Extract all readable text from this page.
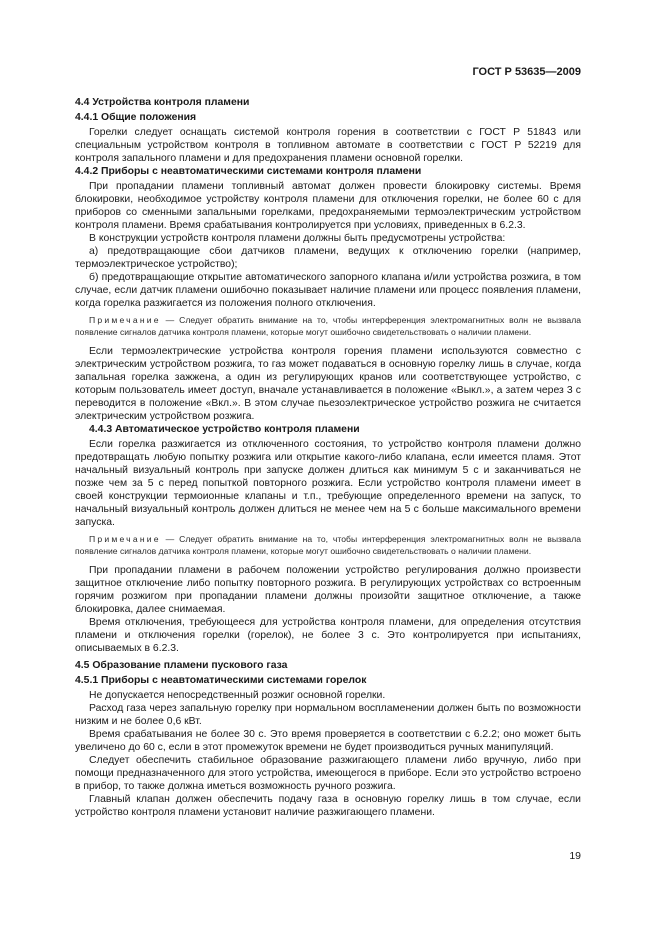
ГОСТ Р 53635—2009
4.4 Устройства контроля пламени
4.4.1 Общие положения

Горелки следует оснащать системой контроля горения в соответствии с ГОСТ Р 51843 или специальным устройством контроля в топливном автомате в соответствии с ГОСТ Р 52219 для контроля запального пламени и для предохранения пламени основной горелки.

4.4.2 Приборы с неавтоматическими системами контроля пламени

При пропадании пламени топливный автомат должен провести блокировку системы. Время блокировки, необходимое устройству контроля пламени для отключения горелки, не более 60 с для приборов со сменными запальными горелками, предохраняемыми термоэлектрическим устройством контроля пламени. Время срабатывания контролируется при условиях, приведенных в 6.2.3.

В конструкции устройств контроля пламени должны быть предусмотрены устройства:

а) предотвращающие сбои датчиков пламени, ведущих к отключению горелки (например, термоэлектрическое устройство);

б) предотвращающие открытие автоматического запорного клапана и/или устройства розжига, в том случае, если датчик пламени ошибочно показывает наличие пламени или процесс появления пламени, когда горелка разжигается из положения полного отключения.

Примечание — Следует обратить внимание на то, чтобы интерференция электромагнитных волн не вызвала появление сигналов датчика контроля пламени, которые могут ошибочно свидетельствовать о наличии пламени.

Если термоэлектрические устройства контроля горения пламени используются совместно с электрическим устройством розжига, то газ может подаваться в основную горелку лишь в случае, когда запальная горелка зажжена, а один из регулирующих кранов или соответствующее устройство, с которым пользователь имеет доступ, вначале устанавливается в положение «Выкл.», а затем через 3 с переводится в положение «Вкл.». В этом случае пьезоэлектрическое устройство розжига не считается электрическим устройством розжига.

4.4.3 Автоматическое устройство контроля пламени

Если горелка разжигается из отключенного состояния, то устройство контроля пламени должно предотвращать любую попытку розжига или открытие какого-либо клапана, если имеется пламя. Этот начальный визуальный контроль при запуске должен длиться как минимум 5 с и заканчиваться не позже чем за 5 с перед попыткой повторного розжига. Если устройство контроля пламени имеет в своей конструкции термоионные клапаны и т.п., требующие определенного времени на запуск, то начальный визуальный контроль должен длиться не менее чем на 5 с больше максимального времени запуска.

Примечание — Следует обратить внимание на то, чтобы интерференция электромагнитных волн не вызвала появление сигналов датчика контроля пламени, которые могут ошибочно свидетельствовать о наличии пламени.

При пропадании пламени в рабочем положении устройство регулирования должно произвести защитное отключение либо попытку повторного розжига. В регулирующих устройствах со встроенным горячим розжигом при пропадании пламени должны произойти защитное отключение, а также блокировка, далее снимаемая.

Время отключения, требующееся для устройства контроля пламени, для определения отсутствия пламени и отключения горелки (горелок), не более 3 с. Это контролируется при испытаниях, описываемых в 6.2.3.

4.5 Образование пламени пускового газа
4.5.1 Приборы с неавтоматическими системами горелок

Не допускается непосредственный розжиг основной горелки.

Расход газа через запальную горелку при нормальном воспламенении должен быть по возможности низким и не более 0,6 кВт.

Время срабатывания не более 30 с. Это время проверяется в соответствии с 6.2.2; оно может быть увеличено до 60 с, если в этот промежуток времени не будет производиться ручных манипуляций.

Следует обеспечить стабильное образование разжигающего пламени либо вручную, либо при помощи предназначенного для этого устройства, имеющегося в приборе. Если это устройство встроено в прибор, то также должна иметься возможность ручного розжига.

Главный клапан должен обеспечить подачу газа в основную горелку лишь в том случае, если устройство контроля пламени установит наличие разжигающего пламени.

19
